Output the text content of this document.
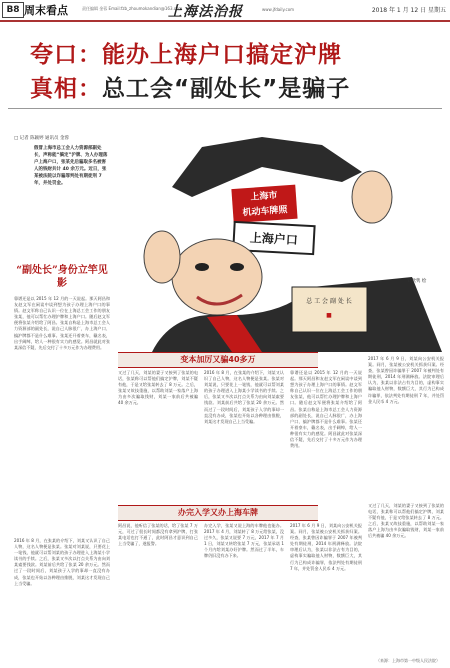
B8 周末看点	责任编辑 金蓉 Email:fzb_zhoumokandian@163.com
上海法治报	www.jfdaily.com	2018 年 1 月 12 日 星期五
夸口：能办上海户口搞定沪牌
真相：总工会“副处长”是骗子
□ 记者 陈颖婷 通讯员 金蓉
假冒上海市总工会人力资源部副处长，声称能“搞定”沪牌、为人办理落户上海户口，张某先后骗取多名被害人的钱财共计 40 余万元。近日，张某被法院以诈骗罪判处有期徒刑 7 年，并处罚金。
上海市
机动车牌照
上海户口
总 工 会 副 处 长
■
刘歆隽 绘
“副处长”身份立竿见影
靠谱还是以 2015 年 12 月的一天说起。那天阿昌和友赵文军在闲谈中谈到想为孩子办理上海户口的事情。赵文军称自己认识一位在上海总工会工作的朋友张某，他可以帮忙办理沪牌和上海户口。随后赵文军便将张某介绍给了阿昌。张某自称是上海市总工会人力资源部的副处长，说自己人脉很广，办上海户口、搞沪牌都不是什么难事。张某还开着豪车，戴名表，出手阔绰，给人一种很有实力的感觉。阿昌就此对张某深信不疑，先后交付了十多万元作为办理费用。
2016 年 8 月，在张某的介绍下，刘某又认识了自己人物，这名人物便是张某。张某对刘某说，只要花上一笔钱，他就可以帮刘某的孩子办理进入上海某小学读书的手续。之后，张某又多次以打点关系为由向刘某索要钱款。刘某前后共给了张某 20 余万元。然而过了一段时间后，刘某孩子入学的事却一直没有办成，张某也开始以各种理由推脱，刘某这才发现自己上当受骗。
变本加厉又骗40多万
又过了几天，刘某的妻子又接到了张某的电话，张某称可以帮他们搞定沪牌，刘某不疑有他，于是又给张某转去了 8 万元。之后，张某又故技重施，以帮助刘某一家落户上海为由多次骗取钱财，刘某一家前后共被骗 40 余万元。
2016 年 8 月，在张某的介绍下，刘某又认识了自己人物，这名人物便是张某。张某对刘某说，只要花上一笔钱，他就可以帮刘某的孩子办理进入上海某小学读书的手续。之后，张某又多次以打点关系为由向刘某索要钱款。刘某前后共给了张某 20 余万元。然而过了一段时间后，刘某孩子入学的事却一直没有办成，张某也开始以各种理由推脱，刘某这才发现自己上当受骗。
靠谱还是以 2015 年 12 月的一天说起。那天阿昌和友赵文军在闲谈中谈到想为孩子办理上海户口的事情。赵文军称自己认识一位在上海总工会工作的朋友张某，他可以帮忙办理沪牌和上海户口。随后赵文军便将张某介绍给了阿昌。张某自称是上海市总工会人力资源部的副处长，说自己人脉很广，办上海户口、搞沪牌都不是什么难事。张某还开着豪车，戴名表，出手阔绰，给人一种很有实力的感觉。阿昌就此对张某深信不疑，先后交付了十多万元作为办理费用。
2017 年 6 月 9 日，刘某向公安机关报案。同月，张某被公安机关抓获归案。经查，张某曾因诈骗罪于 2007 年被判处有期徒刑，2014 年刑满释放。法院审理后认为，张某以非法占有为目的，虚构事实骗取他人财物，数额巨大，其行为已构成诈骗罪，依法判处有期徒刑 7 年，并处罚金人民币 4 万元。
办完入学又办上海车牌
阿昌说，他听信了张某的话，给了张某 7 万元，可过了很长时间都没有拿到沪牌，打张某电话也打不通了，此时阿昌才意识到自己上当受骗了，遂报警。
办完入学，张某又说上海的车牌他也能办。2017 年 4 月，刘某转了 8 万元给张某，没过多久，张某又说要 7 万元，2017 年 7 月 1 日，刘某又转给张某 7 万元，张某承诺 1 个月内给刘某办好沪牌。然而过了半年，车牌仍旧没有办下来。
2017 年 6 月 9 日，刘某向公安机关报案。同月，张某被公安机关抓获归案。经查，张某曾因诈骗罪于 2007 年被判处有期徒刑，2014 年刑满释放。法院审理后认为，张某以非法占有为目的，虚构事实骗取他人财物，数额巨大，其行为已构成诈骗罪，依法判处有期徒刑 7 年，并处罚金人民币 4 万元。
又过了几天，刘某的妻子又接到了张某的电话，张某称可以帮他们搞定沪牌，刘某不疑有他，于是又给张某转去了 8 万元。之后，张某又故技重施，以帮助刘某一家落户上海为由多次骗取钱财，刘某一家前后共被骗 40 余万元。
（来源：上海市第一中级人民法院）
